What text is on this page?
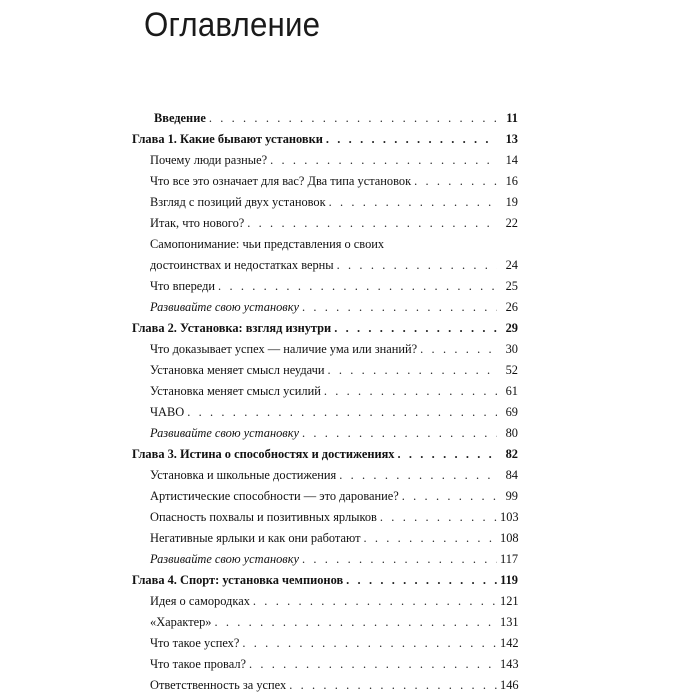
Оглавление
Введение . . .	11
Глава 1. Какие бывают установки . . .	13
Почему люди разные? . . .	14
Что все это означает для вас? Два типа установок . . .	16
Взгляд с позиций двух установок . . .	19
Итак, что нового? . . .	22
Самопонимание: чьи представления о своих
достоинствах и недостатках верны . . .	24
Что впереди . . .	25
Развивайте свою установку . . .	26
Глава 2. Установка: взгляд изнутри . . .	29
Что доказывает успех — наличие ума или знаний? . . .	30
Установка меняет смысл неудачи . . .	52
Установка меняет смысл усилий . . .	61
ЧАВО . . .	69
Развивайте свою установку . . .	80
Глава 3. Истина о способностях и достижениях . . .	82
Установка и школьные достижения . . .	84
Артистические способности — это дарование? . . .	99
Опасность похвалы и позитивных ярлыков . . .	103
Негативные ярлыки и как они работают . . .	108
Развивайте свою установку . . .	117
Глава 4. Спорт: установка чемпионов . . .	119
Идея о самородках . . .	121
«Характер» . . .	131
Что такое успех? . . .	142
Что такое провал? . . .	143
Ответственность за успех . . .	146
